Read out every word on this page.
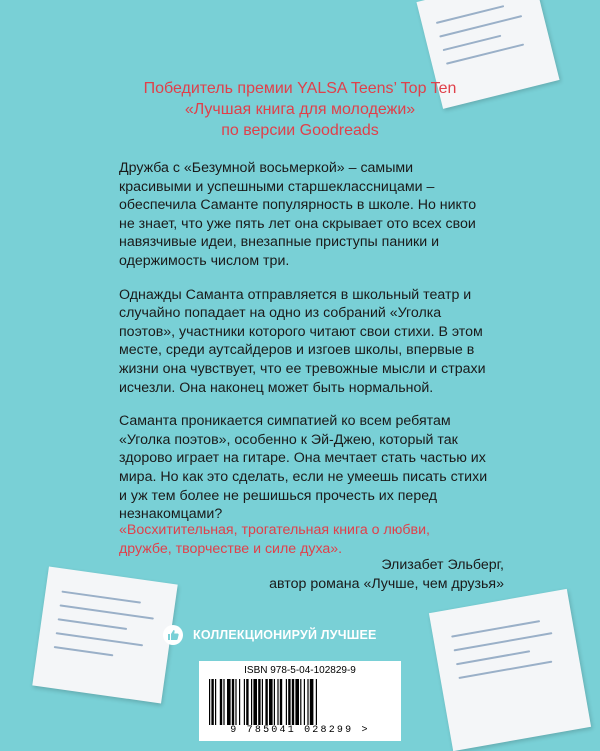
Победитель премии YALSA Teens’ Top Ten
«Лучшая книга для молодежи»
по версии Goodreads

Дружба с «Безумной восьмеркой» – самыми красивыми и успешными старшеклассницами – обеспечила Саманте популярность в школе. Но никто не знает, что уже пять лет она скрывает ото всех свои навязчивые идеи, внезапные приступы паники и одержимость числом три.

Однажды Саманта отправляется в школьный театр и случайно попадает на одно из собраний «Уголка поэтов», участники которого читают свои стихи. В этом месте, среди аутсайдеров и изгоев школы, впервые в жизни она чувствует, что ее тревожные мысли и страхи исчезли. Она наконец может быть нормальной.

Саманта проникается симпатией ко всем ребятам «Уголка поэтов», особенно к Эй-Джею, который так здорово играет на гитаре. Она мечтает стать частью их мира. Но как это сделать, если не умеешь писать стихи и уж тем более не решишься прочесть их перед незнакомцами?

«Восхитительная, трогательная книга о любви,
дружбе, творчестве и силе духа».
Элизабет Эльберг,
автор романа «Лучше, чем друзья»
КОЛЛЕКЦИОНИРУЙ ЛУЧШЕЕ
ISBN 978-5-04-102829-9
9 785041 028299 >
